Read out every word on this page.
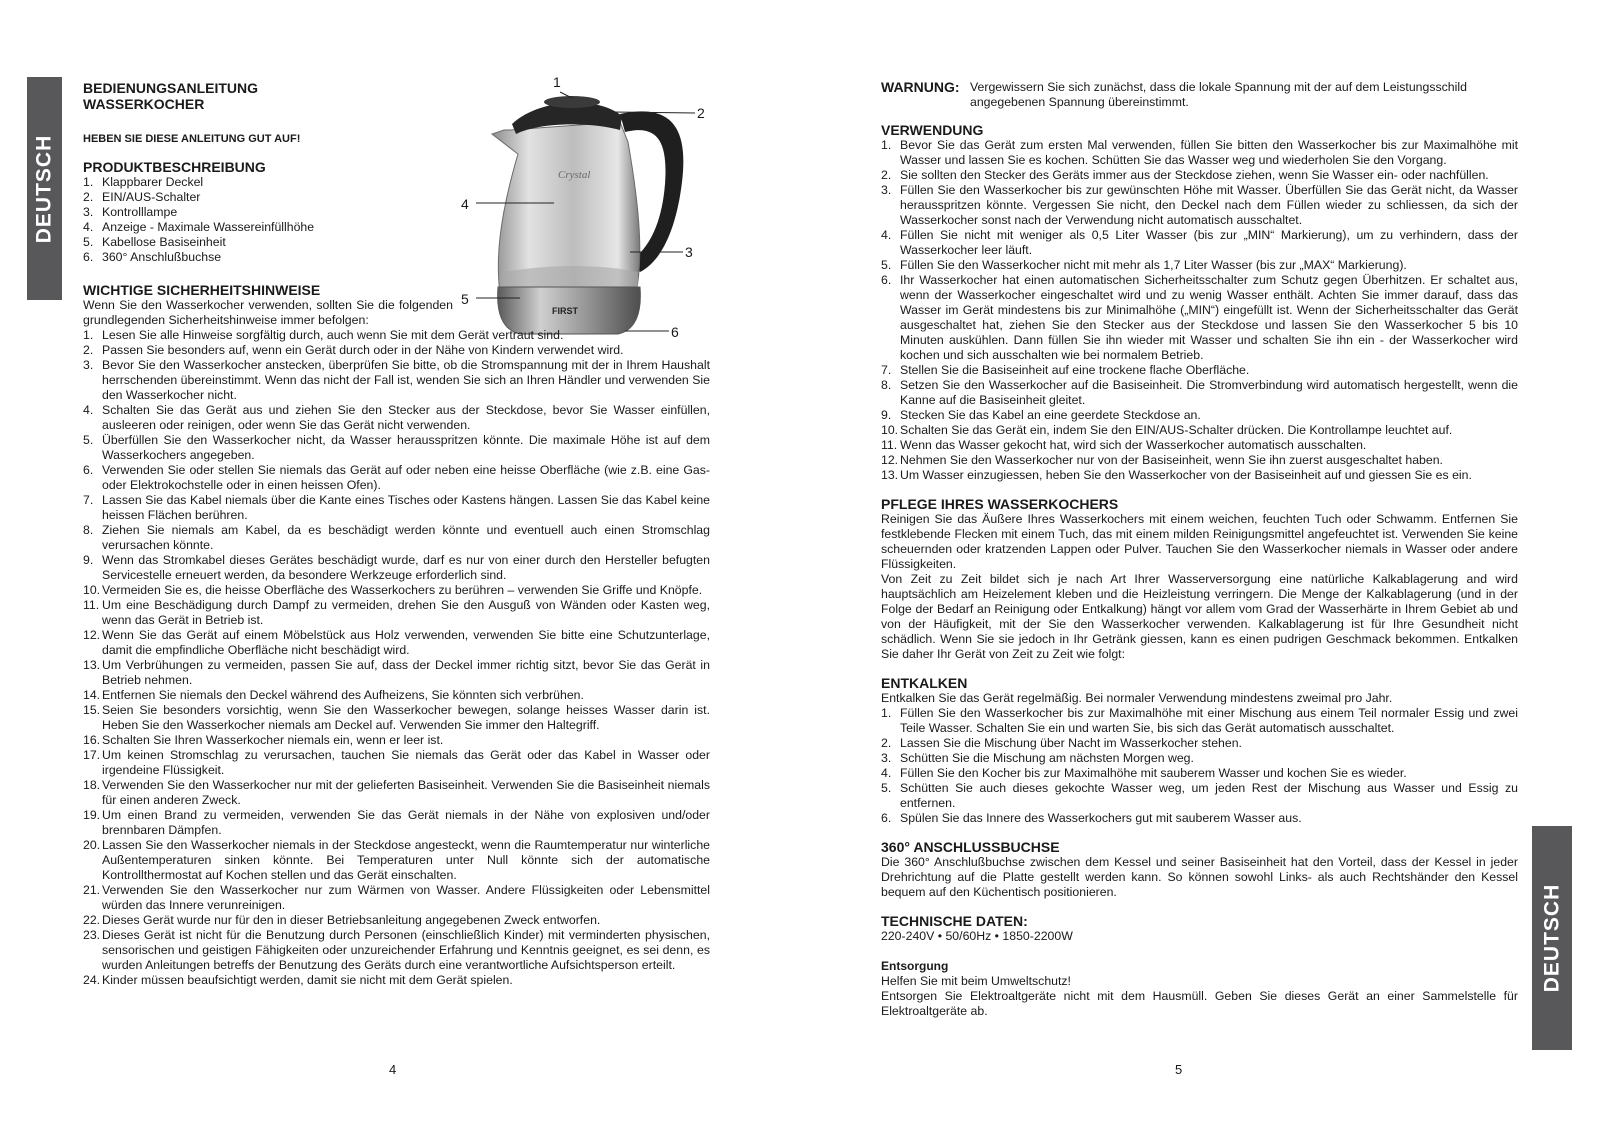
DEUTSCH
DEUTSCH
FIRST
Crystal
1
2
3
4
5
6
BEDIENUNGSANLEITUNG
WASSERKOCHER
HEBEN SIE DIESE ANLEITUNG GUT AUF!
PRODUKTBESCHREIBUNG
1. Klappbarer Deckel
2. EIN/AUS-Schalter
3. Kontrolllampe
4. Anzeige - Maximale Wassereinfüllhöhe
5. Kabellose Basiseinheit
6. 360° Anschlußbuchse
WICHTIGE SICHERHEITSHINWEISE

Wenn Sie den Wasserkocher verwenden, sollten Sie die folgenden grundlegenden Sicherheitshinweise immer befolgen:

1. Lesen Sie alle Hinweise sorgfältig durch, auch wenn Sie mit dem Gerät vertraut sind.
2. Passen Sie besonders auf, wenn ein Gerät durch oder in der Nähe von Kindern verwendet wird.
3. Bevor Sie den Wasserkocher anstecken, überprüfen Sie bitte, ob die Stromspannung mit der in Ihrem Haushalt herrschenden übereinstimmt. Wenn das nicht der Fall ist, wenden Sie sich an Ihren Händler und verwenden Sie den Wasserkocher nicht.
4. Schalten Sie das Gerät aus und ziehen Sie den Stecker aus der Steckdose, bevor Sie Wasser einfüllen, ausleeren oder reinigen, oder wenn Sie das Gerät nicht verwenden.
5. Überfüllen Sie den Wasserkocher nicht, da Wasser herausspritzen könnte. Die maximale Höhe ist auf dem Wasserkochers angegeben.
6. Verwenden Sie oder stellen Sie niemals das Gerät auf oder neben eine heisse Oberfläche (wie z.B. eine Gas- oder Elektrokochstelle oder in einen heissen Ofen).
7. Lassen Sie das Kabel niemals über die Kante eines Tisches oder Kastens hängen. Lassen Sie das Kabel keine heissen Flächen berühren.
8. Ziehen Sie niemals am Kabel, da es beschädigt werden könnte und eventuell auch einen Stromschlag verursachen könnte.
9. Wenn das Stromkabel dieses Gerätes beschädigt wurde, darf es nur von einer durch den Hersteller befugten Servicestelle erneuert werden, da besondere Werkzeuge erforderlich sind.
10. Vermeiden Sie es, die heisse Oberfläche des Wasserkochers zu berühren – verwenden Sie Griffe und Knöpfe.
11. Um eine Beschädigung durch Dampf zu vermeiden, drehen Sie den Ausguß von Wänden oder Kasten weg, wenn das Gerät in Betrieb ist.
12. Wenn Sie das Gerät auf einem Möbelstück aus Holz verwenden, verwenden Sie bitte eine Schutzunterlage, damit die empfindliche Oberfläche nicht beschädigt wird.
13. Um Verbrühungen zu vermeiden, passen Sie auf, dass der Deckel immer richtig sitzt, bevor Sie das Gerät in Betrieb nehmen.
14. Entfernen Sie niemals den Deckel während des Aufheizens, Sie könnten sich verbrühen.
15. Seien Sie besonders vorsichtig, wenn Sie den Wasserkocher bewegen, solange heisses Wasser darin ist. Heben Sie den Wasserkocher niemals am Deckel auf. Verwenden Sie immer den Haltegriff.
16. Schalten Sie Ihren Wasserkocher niemals ein, wenn er leer ist.
17. Um keinen Stromschlag zu verursachen, tauchen Sie niemals das Gerät oder das Kabel in Wasser oder irgendeine Flüssigkeit.
18. Verwenden Sie den Wasserkocher nur mit der gelieferten Basiseinheit. Verwenden Sie die Basiseinheit niemals für einen anderen Zweck.
19. Um einen Brand zu vermeiden, verwenden Sie das Gerät niemals in der Nähe von explosiven und/oder brennbaren Dämpfen.
20. Lassen Sie den Wasserkocher niemals in der Steckdose angesteckt, wenn die Raumtemperatur nur winterliche Außentemperaturen sinken könnte. Bei Temperaturen unter Null könnte sich der automatische Kontrollthermostat auf Kochen stellen und das Gerät einschalten.
21. Verwenden Sie den Wasserkocher nur zum Wärmen von Wasser. Andere Flüssigkeiten oder Lebensmittel würden das Innere verunreinigen.
22. Dieses Gerät wurde nur für den in dieser Betriebsanleitung angegebenen Zweck entworfen.
23. Dieses Gerät ist nicht für die Benutzung durch Personen (einschließlich Kinder) mit verminderten physischen, sensorischen und geistigen Fähigkeiten oder unzureichender Erfahrung und Kenntnis geeignet, es sei denn, es wurden Anleitungen betreffs der Benutzung des Geräts durch eine verantwortliche Aufsichtsperson erteilt.
24. Kinder müssen beaufsichtigt werden, damit sie nicht mit dem Gerät spielen.
4
WARNUNG: Vergewissern Sie sich zunächst, dass die lokale Spannung mit der auf dem Leistungsschild angegebenen Spannung übereinstimmt.
VERWENDUNG
1. Bevor Sie das Gerät zum ersten Mal verwenden, füllen Sie bitten den Wasserkocher bis zur Maximalhöhe mit Wasser und lassen Sie es kochen. Schütten Sie das Wasser weg und wiederholen Sie den Vorgang.
2. Sie sollten den Stecker des Geräts immer aus der Steckdose ziehen, wenn Sie Wasser ein- oder nachfüllen.
3. Füllen Sie den Wasserkocher bis zur gewünschten Höhe mit Wasser. Überfüllen Sie das Gerät nicht, da Wasser herausspritzen könnte. Vergessen Sie nicht, den Deckel nach dem Füllen wieder zu schliessen, da sich der Wasserkocher sonst nach der Verwendung nicht automatisch ausschaltet.
4. Füllen Sie nicht mit weniger als 0,5 Liter Wasser (bis zur „MIN“ Markierung), um zu verhindern, dass der Wasserkocher leer läuft.
5. Füllen Sie den Wasserkocher nicht mit mehr als 1,7 Liter Wasser (bis zur „MAX“ Markierung).
6. Ihr Wasserkocher hat einen automatischen Sicherheitsschalter zum Schutz gegen Überhitzen. Er schaltet aus, wenn der Wasserkocher eingeschaltet wird und zu wenig Wasser enthält. Achten Sie immer darauf, dass das Wasser im Gerät mindestens bis zur Minimalhöhe („MIN“) eingefüllt ist. Wenn der Sicherheitsschalter das Gerät ausgeschaltet hat, ziehen Sie den Stecker aus der Steckdose und lassen Sie den Wasserkocher 5 bis 10 Minuten auskühlen. Dann füllen Sie ihn wieder mit Wasser und schalten Sie ihn ein - der Wasserkocher wird kochen und sich ausschalten wie bei normalem Betrieb.
7. Stellen Sie die Basiseinheit auf eine trockene flache Oberfläche.
8. Setzen Sie den Wasserkocher auf die Basiseinheit. Die Stromverbindung wird automatisch hergestellt, wenn die Kanne auf die Basiseinheit gleitet.
9. Stecken Sie das Kabel an eine geerdete Steckdose an.
10. Schalten Sie das Gerät ein, indem Sie den EIN/AUS-Schalter drücken. Die Kontrollampe leuchtet auf.
11. Wenn das Wasser gekocht hat, wird sich der Wasserkocher automatisch ausschalten.
12. Nehmen Sie den Wasserkocher nur von der Basiseinheit, wenn Sie ihn zuerst ausgeschaltet haben.
13. Um Wasser einzugiessen, heben Sie den Wasserkocher von der Basiseinheit auf und giessen Sie es ein.
PFLEGE IHRES WASSERKOCHERS

Reinigen Sie das Äußere Ihres Wasserkochers mit einem weichen, feuchten Tuch oder Schwamm. Entfernen Sie festklebende Flecken mit einem Tuch, das mit einem milden Reinigungsmittel angefeuchtet ist. Verwenden Sie keine scheuernden oder kratzenden Lappen oder Pulver. Tauchen Sie den Wasserkocher niemals in Wasser oder andere Flüssigkeiten.

Von Zeit zu Zeit bildet sich je nach Art Ihrer Wasserversorgung eine natürliche Kalkablagerung and wird hauptsächlich am Heizelement kleben und die Heizleistung verringern. Die Menge der Kalkablagerung (und in der Folge der Bedarf an Reinigung oder Entkalkung) hängt vor allem vom Grad der Wasserhärte in Ihrem Gebiet ab und von der Häufigkeit, mit der Sie den Wasserkocher verwenden. Kalkablagerung ist für Ihre Gesundheit nicht schädlich. Wenn Sie sie jedoch in Ihr Getränk giessen, kann es einen pudrigen Geschmack bekommen. Entkalken Sie daher Ihr Gerät von Zeit zu Zeit wie folgt:

ENTKALKEN

Entkalken Sie das Gerät regelmäßig. Bei normaler Verwendung mindestens zweimal pro Jahr.

1. Füllen Sie den Wasserkocher bis zur Maximalhöhe mit einer Mischung aus einem Teil normaler Essig und zwei Teile Wasser. Schalten Sie ein und warten Sie, bis sich das Gerät automatisch ausschaltet.
2. Lassen Sie die Mischung über Nacht im Wasserkocher stehen.
3. Schütten Sie die Mischung am nächsten Morgen weg.
4. Füllen Sie den Kocher bis zur Maximalhöhe mit sauberem Wasser und kochen Sie es wieder.
5. Schütten Sie auch dieses gekochte Wasser weg, um jeden Rest der Mischung aus Wasser und Essig zu entfernen.
6. Spülen Sie das Innere des Wasserkochers gut mit sauberem Wasser aus.
360° ANSCHLUSSBUCHSE

Die 360° Anschlußbuchse zwischen dem Kessel und seiner Basiseinheit hat den Vorteil, dass der Kessel in jeder Drehrichtung auf die Platte gestellt werden kann. So können sowohl Links- als auch Rechtshänder den Kessel bequem auf den Küchentisch positionieren.

TECHNISCHE DATEN:

220-240V • 50/60Hz • 1850-2200W

Entsorgung

Helfen Sie mit beim Umweltschutz!

Entsorgen Sie Elektroaltgeräte nicht mit dem Hausmüll. Geben Sie dieses Gerät an einer Sammelstelle für Elektroaltgeräte ab.

5
